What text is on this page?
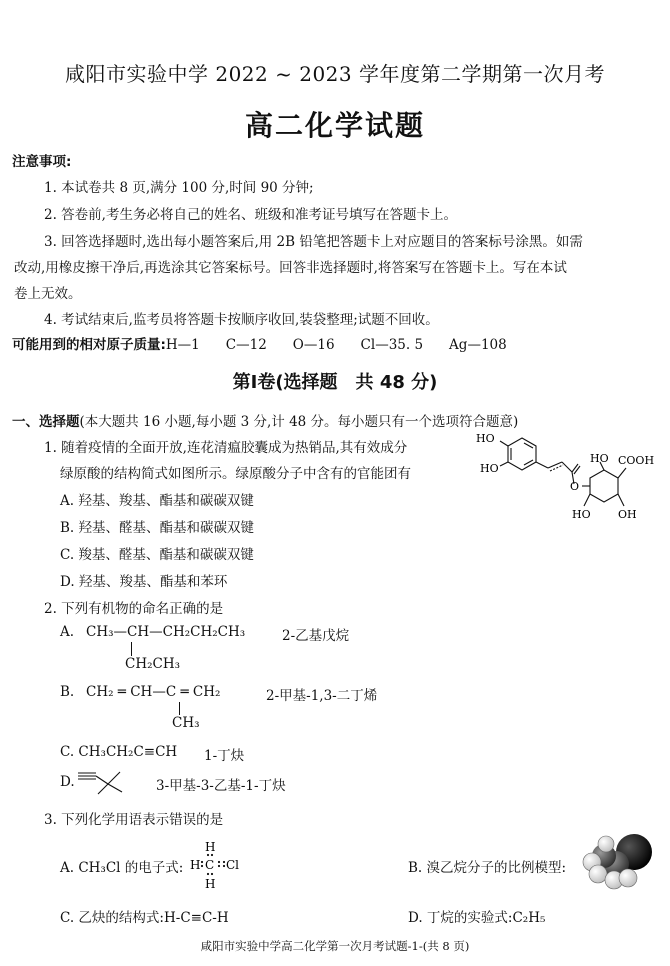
咸阳市实验中学 2022 ~ 2023 学年度第二学期第一次月考
高二化学试题
注意事项:
1. 本试卷共 8 页,满分 100 分,时间 90 分钟;
2. 答卷前,考生务必将自己的姓名、班级和准考证号填写在答题卡上。
3. 回答选择题时,选出每小题答案后,用 2B 铅笔把答题卡上对应题目的答案标号涂黑。如需
改动,用橡皮擦干净后,再选涂其它答案标号。回答非选择题时,将答案写在答题卡上。写在本试
卷上无效。
4. 考试结束后,监考员将答题卡按顺序收回,装袋整理;试题不回收。
可能用到的相对原子质量:H—1 C—12 O—16 Cl—35. 5 Ag—108
第Ⅰ卷(选择题　共 48 分)
一、选择题(本大题共 16 小题,每小题 3 分,计 48 分。每小题只有一个选项符合题意)
1. 随着疫情的全面开放,连花清瘟胶囊成为热销品,其有效成分
绿原酸的结构简式如图所示。绿原酸分子中含有的官能团有
A. 羟基、羧基、酯基和碳碳双键
B. 羟基、醛基、酯基和碳碳双键
C. 羧基、醛基、酯基和碳碳双键
D. 羟基、羧基、酯基和苯环
HO
HO
O
HO COOH
HO OH
2. 下列有机物的命名正确的是
A. CH₃—CH—CH₂CH₂CH₃
CH₂CH₃
2-乙基戊烷
B. CH₂ ═ CH—C ═ CH₂
CH₃
2-甲基-1,3-二丁烯
C. CH₃CH₂C≡CH 1-丁炔
D.	3-甲基-3-乙基-1-丁炔
3. 下列化学用语表示错误的是
A. CH₃Cl 的电子式:
H
H C Cl
H
B. 溴乙烷分子的比例模型:
C. 乙炔的结构式:H-C≡C-H	D. 丁烷的实验式:C₂H₅
咸阳市实验中学高二化学第一次月考试题-1-(共 8 页)
